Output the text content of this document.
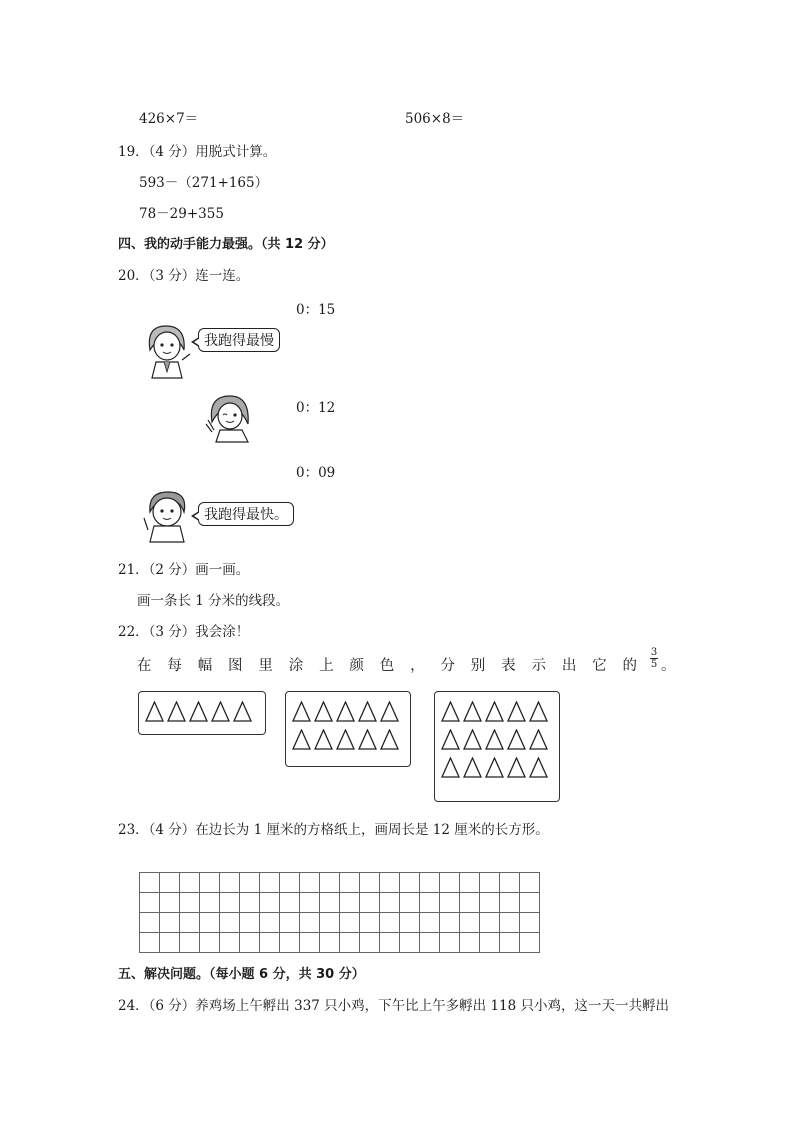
426×7＝	506×8＝
19．（4 分）用脱式计算。
593－（271+165）
78－29+355
四、我的动手能力最强。（共 12 分）
20．（3 分）连一连。
0：15
0：12
0：09
我跑得最慢
我跑得最快。
21．（2 分）画一画。
画一条长 1 分米的线段。
22．（3 分）我会涂！
在 每 幅 图 里 涂 上 颜 色 ， 分 别 表 示 出 它 的
3
5 。
23．（4 分）在边长为 1 厘米的方格纸上，画周长是 12 厘米的长方形。

五、解决问题。（每小题 6 分，共 30 分）
24．（6 分）养鸡场上午孵出 337 只小鸡，下午比上午多孵出 118 只小鸡，这一天一共孵出
